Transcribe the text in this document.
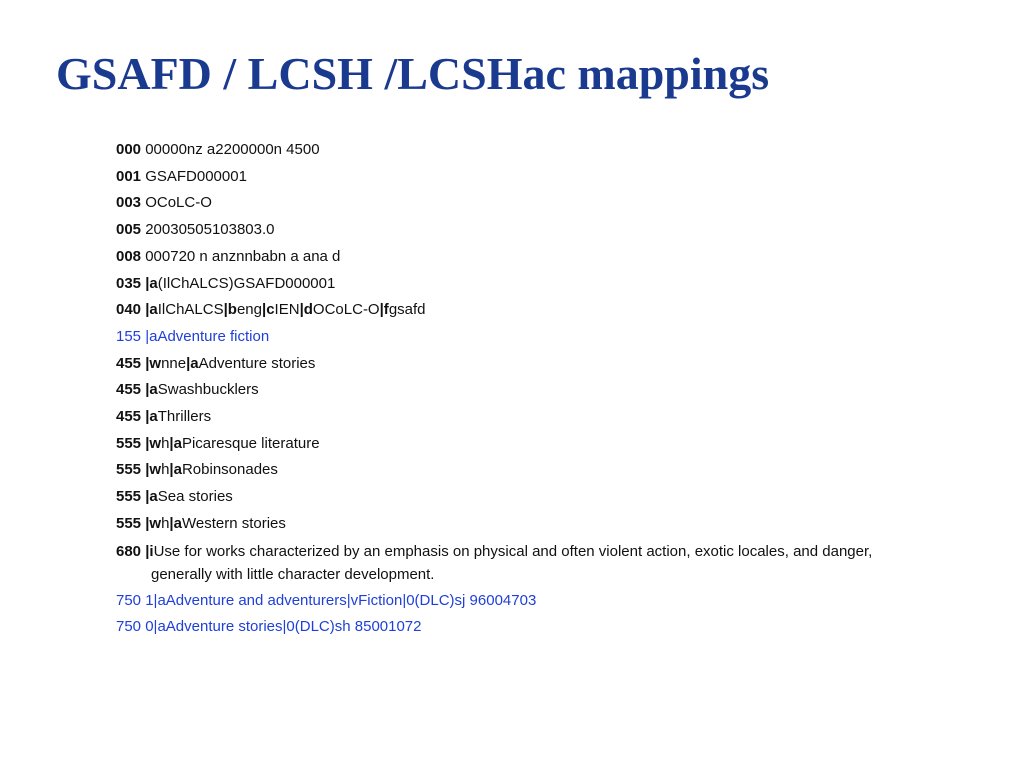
GSAFD / LCSH /LCSHac mappings
000 00000nz a2200000n 4500
001 GSAFD000001
003 OCoLC-O
005 20030505103803.0
008 000720 n anznnbabn a ana d
035 |a(IlChALCS)GSAFD000001
040 |aIlChALCS|beng|cIEN|dOCoLC-O|fgsafd
155 |aAdventure fiction
455 |wnne|aAdventure stories
455 |aSwashbucklers
455 |aThrillers
555 |wh|aPicaresque literature
555 |wh|aRobinsonades
555 |aSea stories
555 |wh|aWestern stories
680 |iUse for works characterized by an emphasis on physical and often violent action, exotic locales, and danger, generally with little character development.
750 1|aAdventure and adventurers|vFiction|0(DLC)sj 96004703
750 0|aAdventure stories|0(DLC)sh 85001072
